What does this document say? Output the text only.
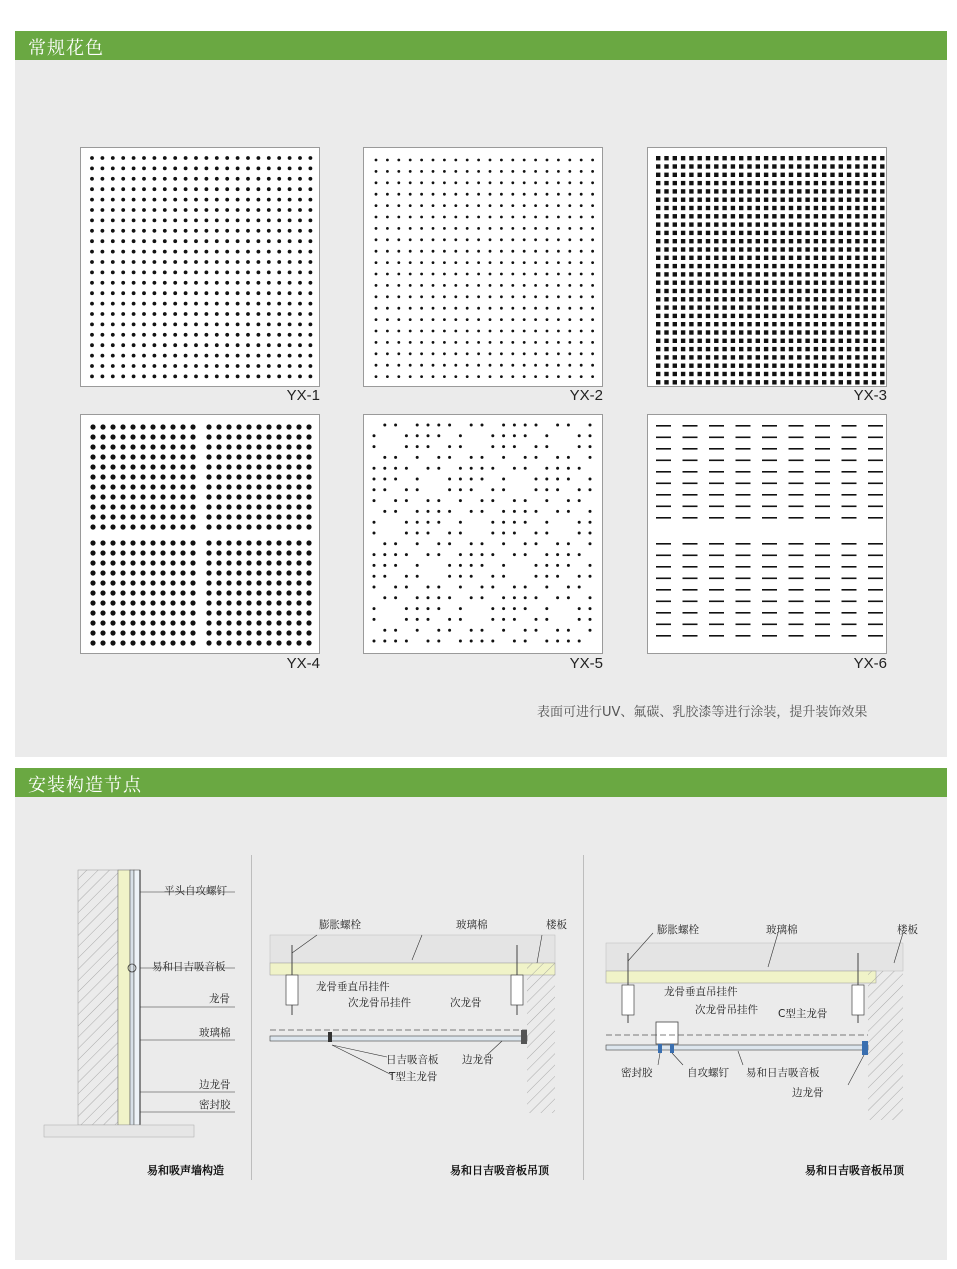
常规花色
YX-1	YX-2	YX-3
YX-4	YX-5	YX-6
表面可进行UV、氟碳、乳胶漆等进行涂装，提升装饰效果
安装构造节点
平头自攻螺钉
易和日吉吸音板
龙骨
玻璃棉
边龙骨
密封胶
易和吸声墙构造
膨胀螺栓	玻璃棉	楼板
龙骨垂直吊挂件
次龙骨吊挂件	次龙骨
日吉吸音板 边龙骨
T型主龙骨
易和日吉吸音板吊顶
膨胀螺栓	玻璃棉	楼板
龙骨垂直吊挂件
次龙骨吊挂件 C型主龙骨
密封胶	自攻螺钉 易和日吉吸音板
边龙骨
易和日吉吸音板吊顶
